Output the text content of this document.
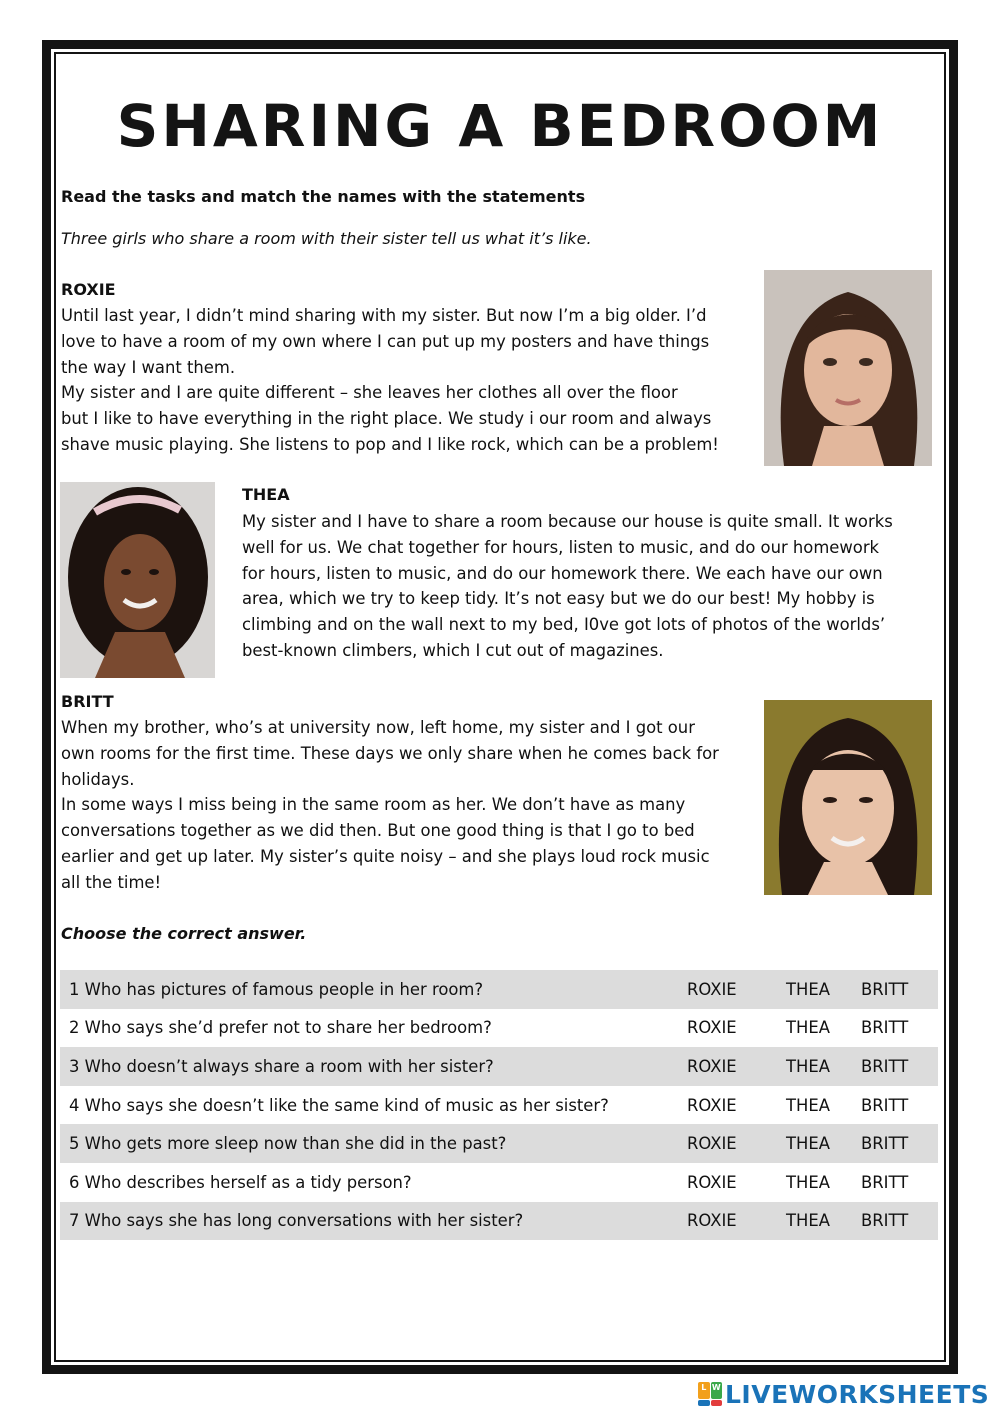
SHARING A BEDROOM
Read the tasks and match the names with the statements
Three girls who share a room with their sister tell us what it’s like.
ROXIE

Until last year, I didn’t mind sharing with my sister. But now I’m a big older. I’d

love to have a room of my own where I can put up my posters and have things

the way I want them.

My sister and I are quite different – she leaves her clothes all over the floor

but I like to have everything in the right place. We study i our room and always

shave music playing. She listens to pop and I like rock, which can be a problem!

THEA

My sister and I have to share a room because our house is quite small. It works

well for us. We chat together for hours, listen to music, and do our homework

for hours, listen to music, and do our homework there. We each have our own

area, which we try to keep tidy. It’s not easy but we do our best! My hobby is

climbing and on the wall next to my bed, I0ve got lots of photos of the worlds’

best-known climbers, which I cut out of magazines.

BRITT

When my brother, who’s at university now, left home, my sister and I got our

own rooms for the first time. These days we only share when he comes back for

holidays.

In some ways I miss being in the same room as her. We don’t have as many

conversations together as we did then. But one good thing is that I go to bed

earlier and get up later. My sister’s quite noisy – and she plays loud rock music

all the time!

Choose the correct answer.
1 Who has pictures of famous people in her room?	ROXIE	THEA	BRITT
2 Who says she’d prefer not to share her bedroom?	ROXIE	THEA	BRITT
3 Who doesn’t always share a room with her sister?	ROXIE	THEA	BRITT
4 Who says she doesn’t like the same kind of music as her sister?	ROXIE	THEA	BRITT
5 Who gets more sleep now than she did in the past?	ROXIE	THEA	BRITT
6 Who describes herself as a tidy person?	ROXIE	THEA	BRITT
7 Who says she has long conversations with her sister?	ROXIE	THEA	BRITT
L W LIVEWORKSHEETS
